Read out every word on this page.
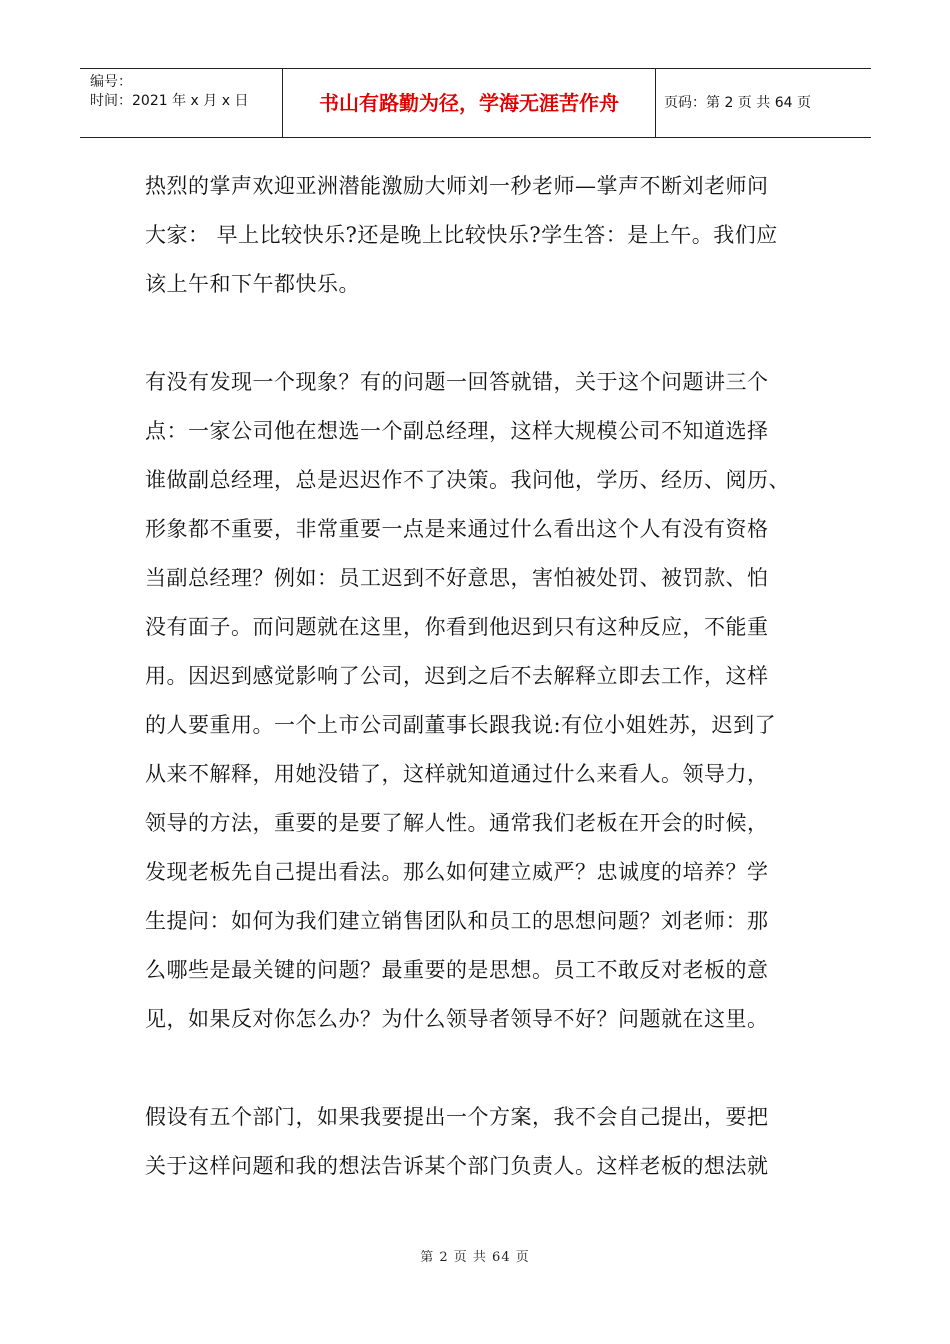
编号：
时间：2021 年 x 月 x 日	书山有路勤为径，学海无涯苦作舟	页码：第 2 页 共 64 页

热烈的掌声欢迎亚洲潜能激励大师刘一秒老师—掌声不断刘老师问
大家： 早上比较快乐?还是晚上比较快乐?学生答：是上午。我们应
该上午和下午都快乐。

有没有发现一个现象？有的问题一回答就错，关于这个问题讲三个
点：一家公司他在想选一个副总经理，这样大规模公司不知道选择
谁做副总经理，总是迟迟作不了决策。我问他，学历、经历、阅历、
形象都不重要，非常重要一点是来通过什么看出这个人有没有资格
当副总经理？例如：员工迟到不好意思，害怕被处罚、被罚款、怕
没有面子。而问题就在这里，你看到他迟到只有这种反应，不能重
用。因迟到感觉影响了公司，迟到之后不去解释立即去工作，这样
的人要重用。一个上市公司副董事长跟我说:有位小姐姓苏，迟到了
从来不解释，用她没错了，这样就知道通过什么来看人。领导力，
领导的方法，重要的是要了解人性。通常我们老板在开会的时候，
发现老板先自己提出看法。那么如何建立威严？忠诚度的培养？学
生提问：如何为我们建立销售团队和员工的思想问题？刘老师：那
么哪些是最关键的问题？最重要的是思想。员工不敢反对老板的意
见，如果反对你怎么办？为什么领导者领导不好？问题就在这里。

假设有五个部门，如果我要提出一个方案，我不会自己提出，要把
关于这样问题和我的想法告诉某个部门负责人。这样老板的想法就

第 2 页 共 64 页
